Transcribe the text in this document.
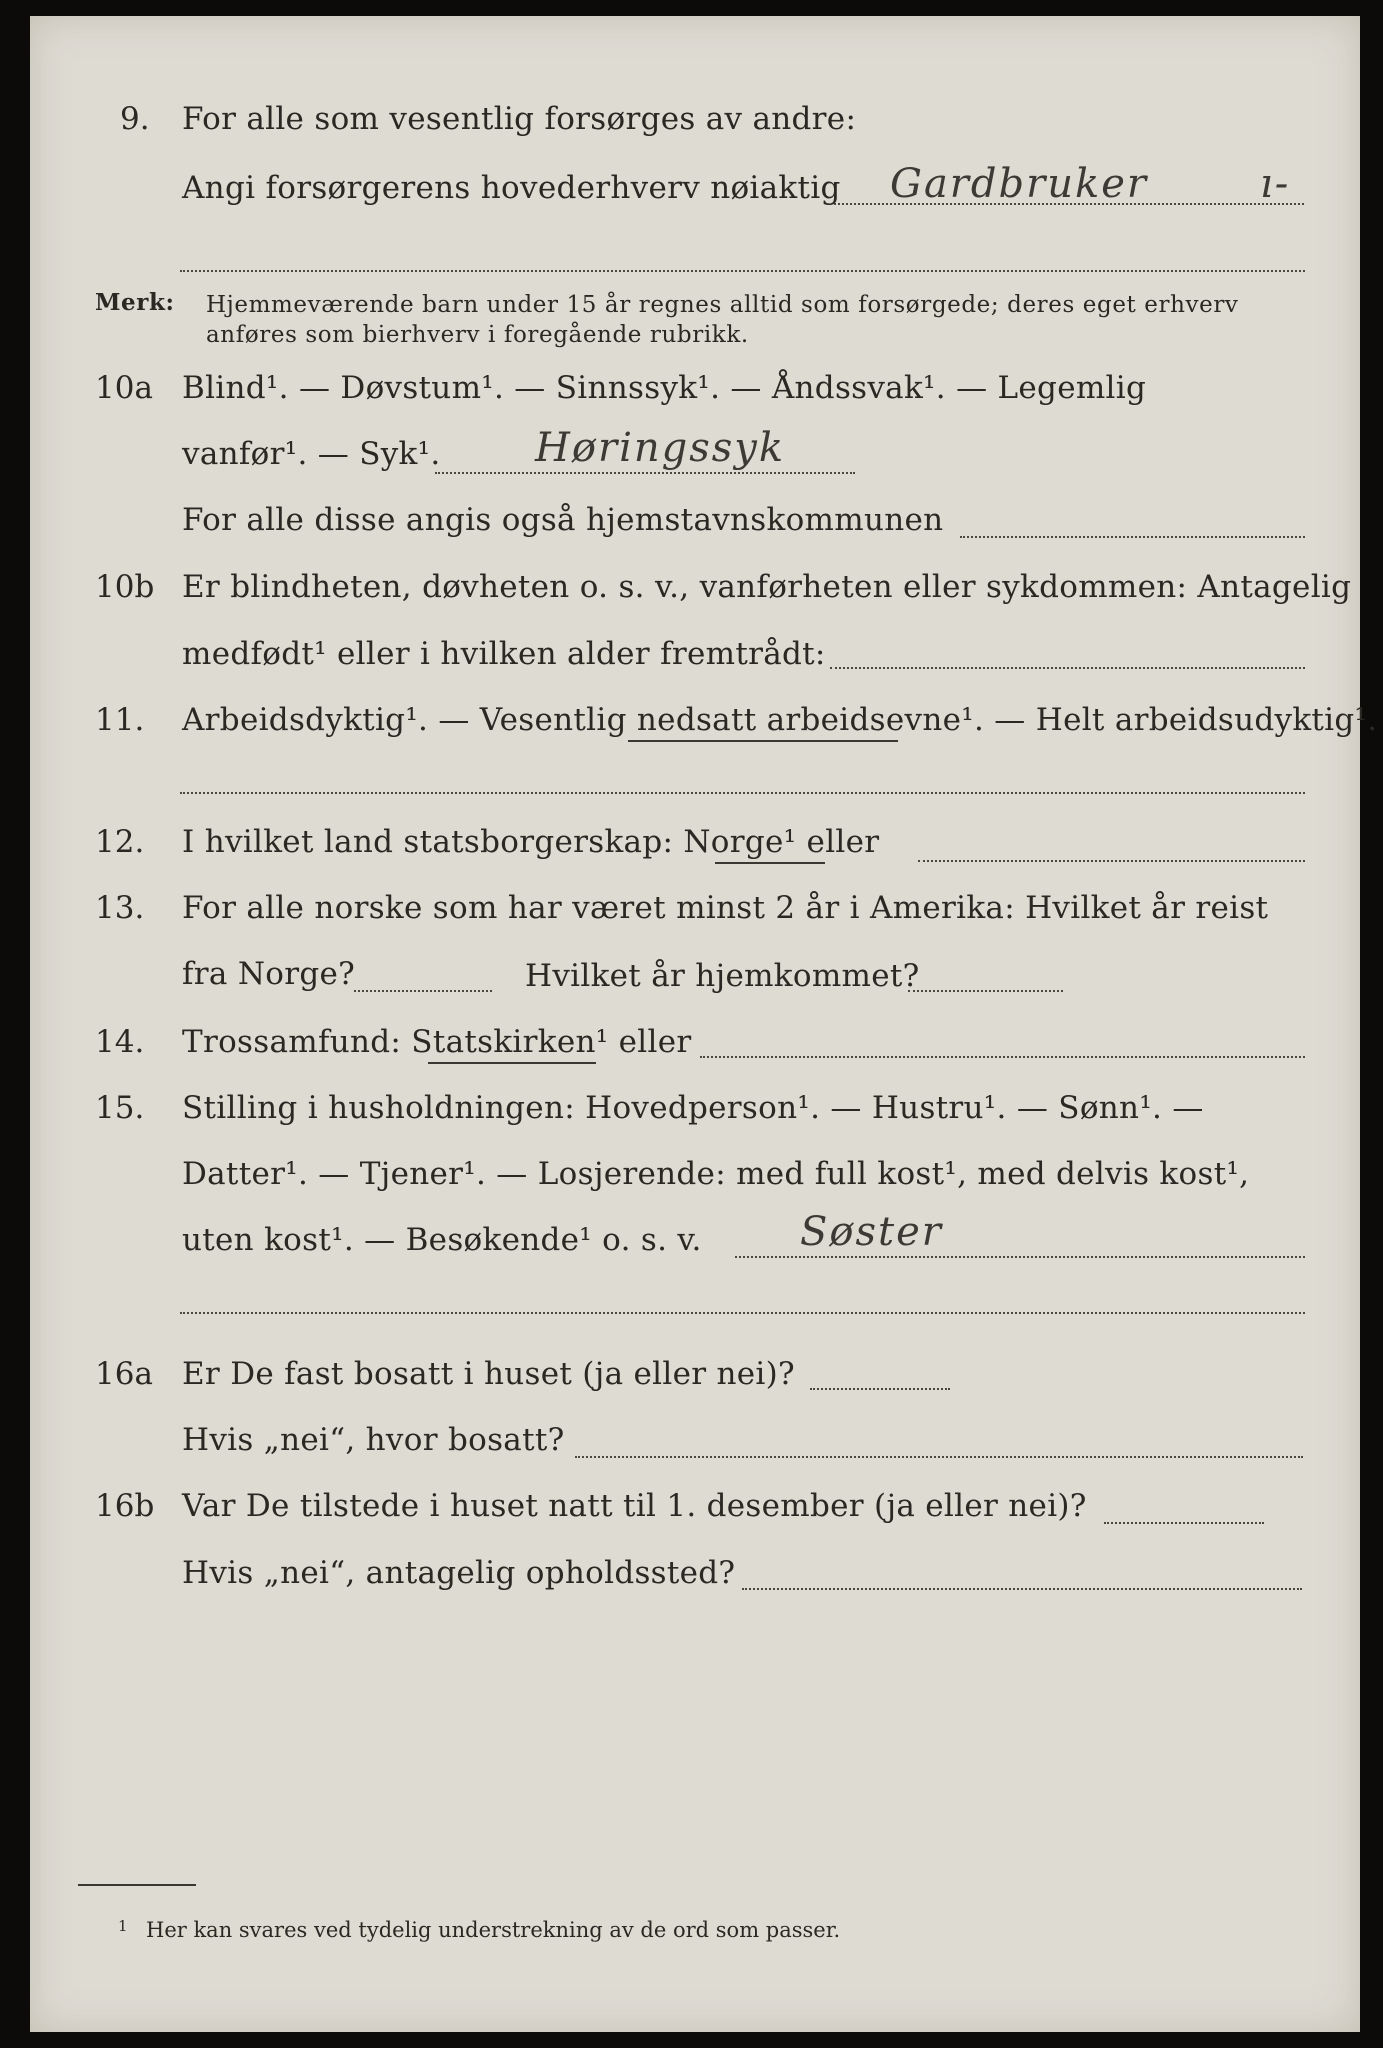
9. For alle som vesentlig forsørges av andre:
Angi forsørgerens hovederhverv nøiaktig Gardbruker	ı-
Merk: Hjemmeværende barn under 15 år regnes alltid som forsørgede; deres eget erhverv
anføres som bierhverv i foregående rubrikk.
10a Blind¹. — Døvstum¹. — Sinnssyk¹. — Åndssvak¹. — Legemlig
vanfør¹. — Syk¹. Høringssyk
For alle disse angis også hjemstavnskommunen
10b Er blindheten, døvheten o. s. v., vanførheten eller sykdommen: Antagelig
medfødt¹ eller i hvilken alder fremtrådt:
11. Arbeidsdyktig¹. — Vesentlig nedsatt arbeidsevne¹. — Helt arbeidsudyktig¹.
12. I hvilket land statsborgerskap: Norge¹ eller
13. For alle norske som har været minst 2 år i Amerika: Hvilket år reist
fra Norge?	Hvilket år hjemkommet?
14. Trossamfund: Statskirken¹ eller
15. Stilling i husholdningen: Hovedperson¹. — Hustru¹. — Sønn¹. —
Datter¹. — Tjener¹. — Losjerende: med full kost¹, med delvis kost¹,
uten kost¹. — Besøkende¹ o. s. v. Søster
16a Er De fast bosatt i huset (ja eller nei)?
Hvis „nei“, hvor bosatt?
16b Var De tilstede i huset natt til 1. desember (ja eller nei)?
Hvis „nei“, antagelig opholdssted?
1 Her kan svares ved tydelig understrekning av de ord som passer.
